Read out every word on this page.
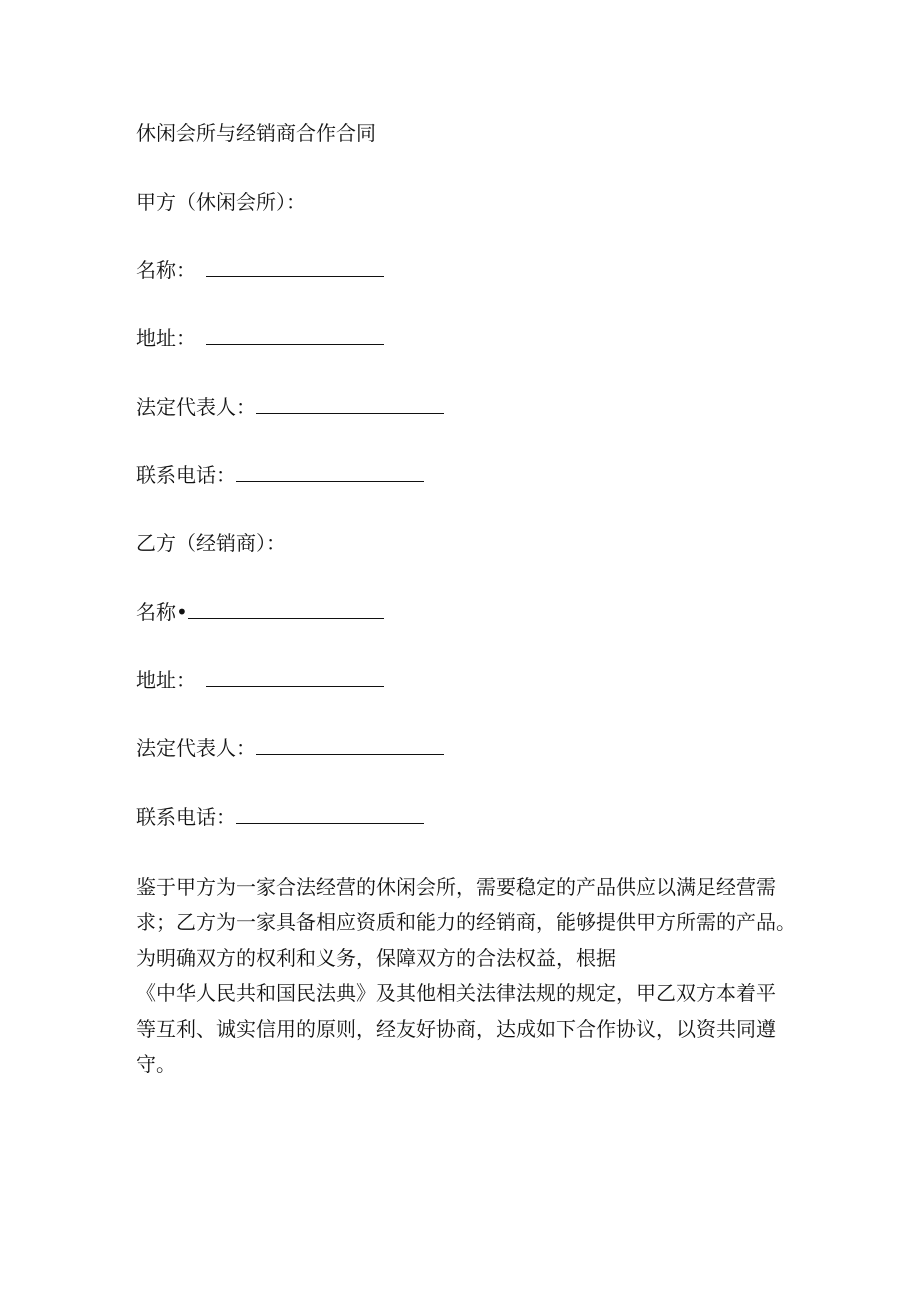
休闲会所与经销商合作合同
甲方（休闲会所）：
名称：
地址：
法定代表人：
联系电话：
乙方（经销商）：
名称•
地址：
法定代表人：
联系电话：
鉴于甲方为一家合法经营的休闲会所，需要稳定的产品供应以满足经营需
求；乙方为一家具备相应资质和能力的经销商，能够提供甲方所需的产品。
为明确双方的权利和义务，保障双方的合法权益，根据
《中华人民共和国民法典》及其他相关法律法规的规定，甲乙双方本着平
等互利、诚实信用的原则，经友好协商，达成如下合作协议，以资共同遵
守。
